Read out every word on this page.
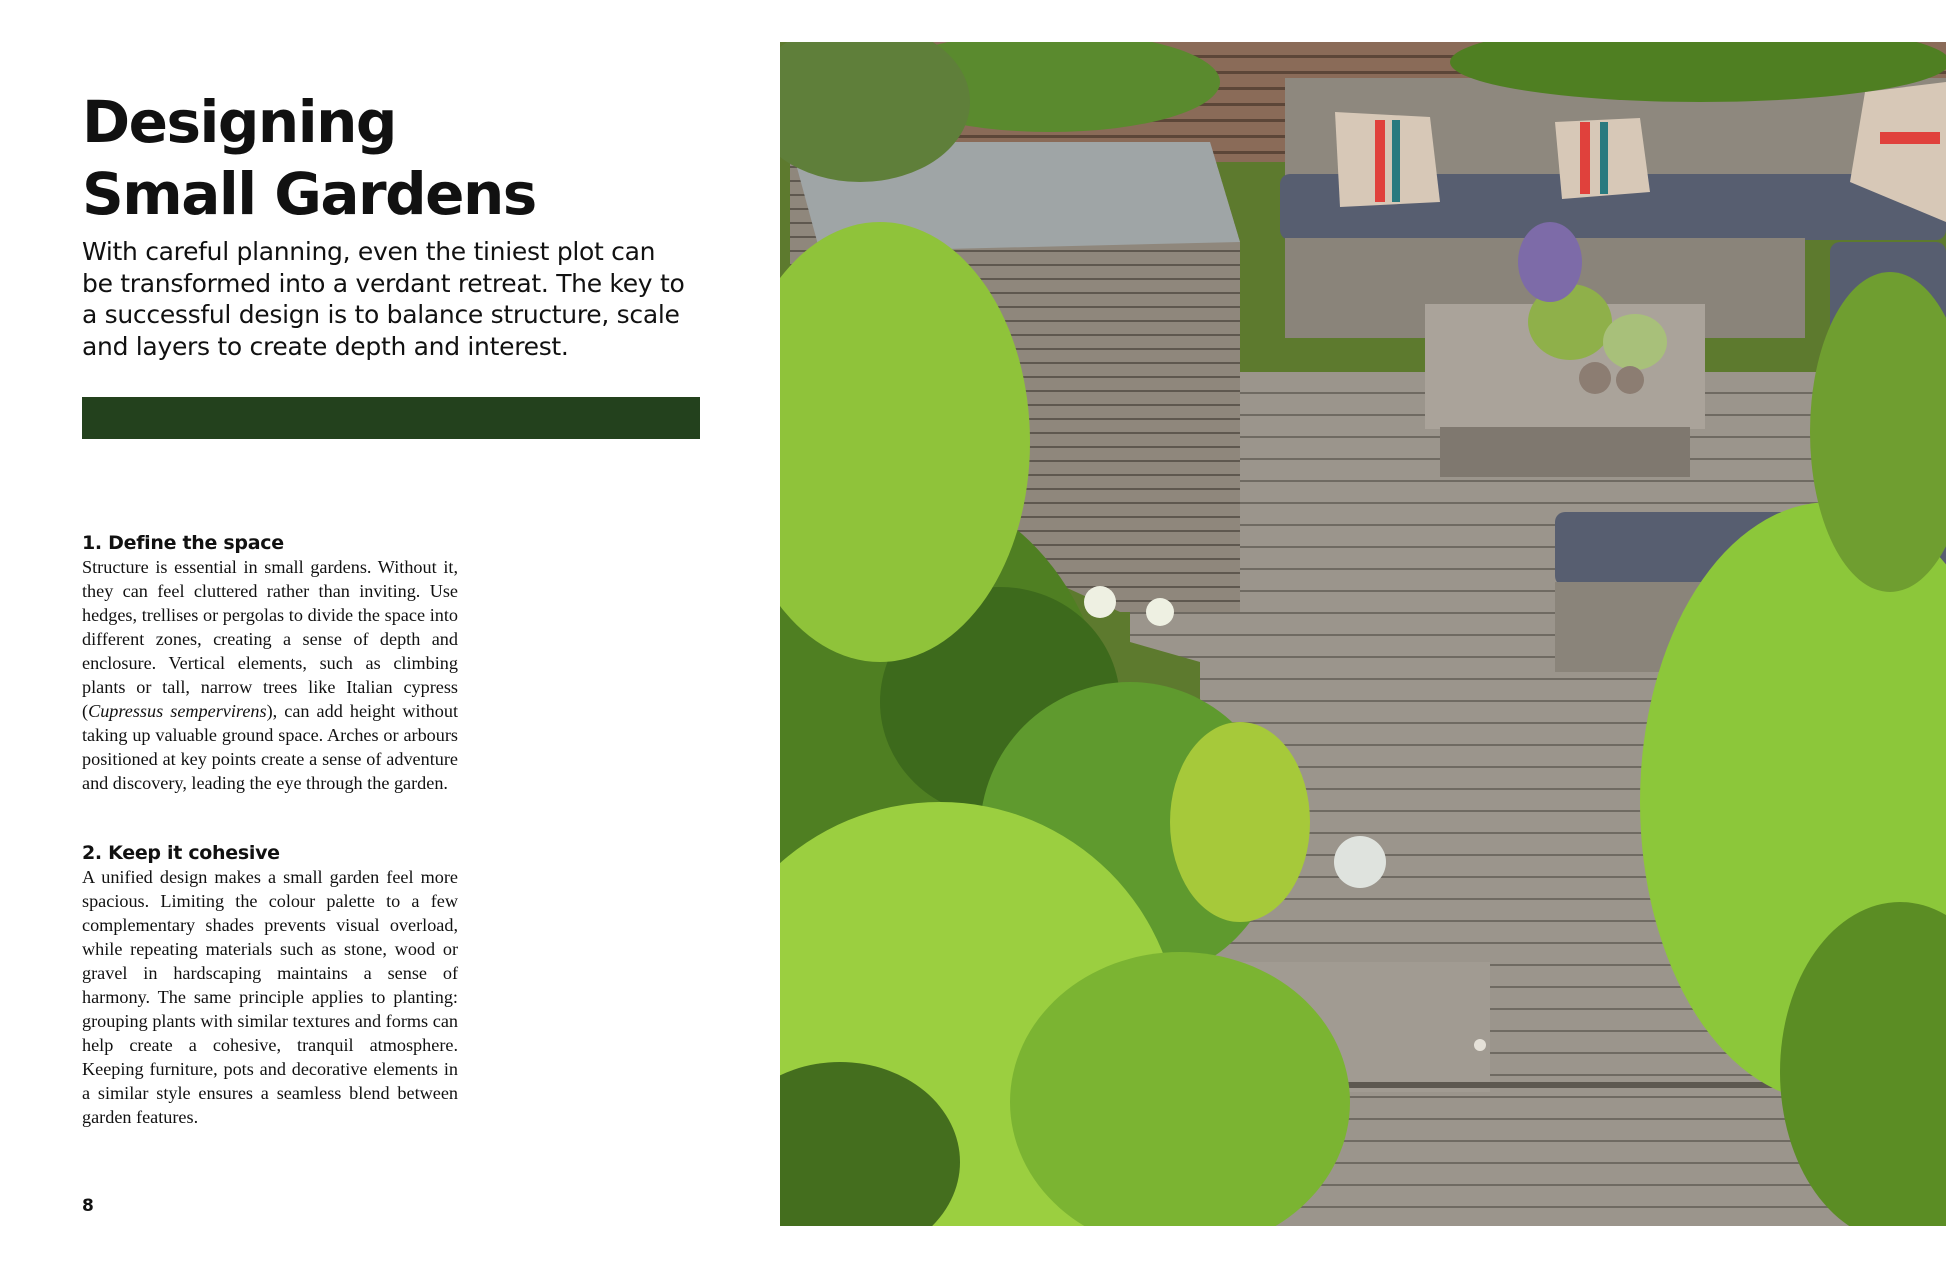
Designing
Small Gardens

With careful planning, even the tiniest plot can be transformed into a verdant retreat. The key to a successful design is to balance structure, scale and layers to create depth and interest.

1. Define the space

Structure is essential in small gardens. Without it, they can feel cluttered rather than inviting. Use hedges, trellises or pergolas to divide the space into different zones, creating a sense of depth and enclosure. Vertical elements, such as climbing plants or tall, narrow trees like Italian cypress (Cupressus sempervirens), can add height without taking up valuable ground space. Arches or arbours positioned at key points create a sense of adventure and discovery, leading the eye through the garden.

2. Keep it cohesive

A unified design makes a small garden feel more spacious. Limiting the colour palette to a few complementary shades prevents visual overload, while repeating materials such as stone, wood or gravel in hardscaping maintains a sense of harmony. The same principle applies to planting: grouping plants with similar textures and forms can help create a cohesive, tranquil atmosphere. Keeping furniture, pots and decorative elements in a similar style ensures a seamless blend between garden features.

8
